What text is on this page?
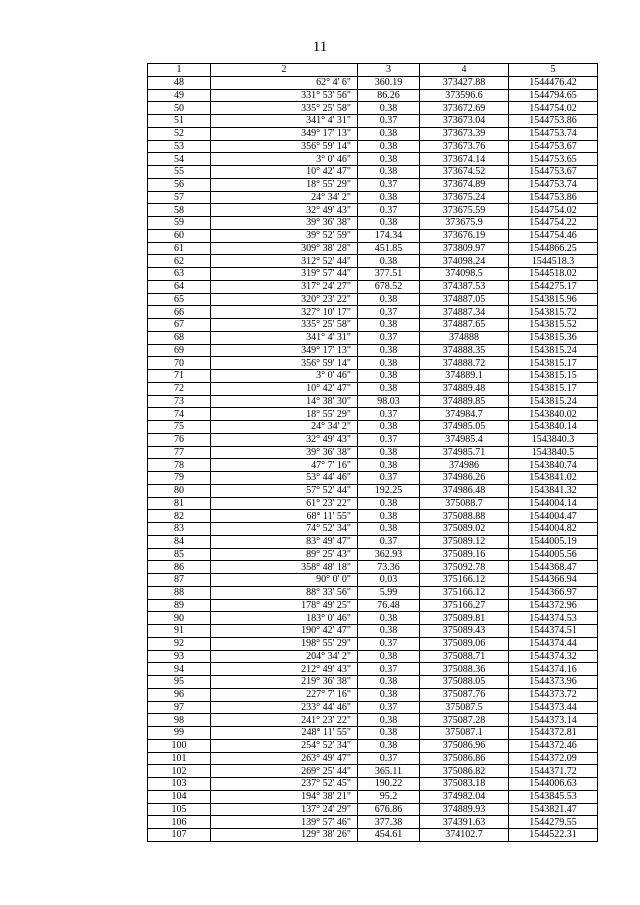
11
1	2	3	4	5
48	62° 4' 6"	360.19	373427.88	1544476.42
49	331° 53' 56"	86.26	373596.6	1544794.65
50	335° 25' 58"	0.38	373672.69	1544754.02
51	341° 4' 31"	0.37	373673.04	1544753.86
52	349° 17' 13"	0.38	373673.39	1544753.74
53	356° 59' 14"	0.38	373673.76	1544753.67
54	3° 0' 46"	0.38	373674.14	1544753.65
55	10° 42' 47"	0.38	373674.52	1544753.67
56	18° 55' 29"	0.37	373674.89	1544753.74
57	24° 34' 2"	0.38	373675.24	1544753.86
58	32° 49' 43"	0.37	373675.59	1544754.02
59	39° 36' 38"	0.38	373675.9	1544754.22
60	39° 52' 59"	174.34	373676.19	1544754.46
61	309° 38' 28"	451.85	373809.97	1544866.25
62	312° 52' 44"	0.38	374098.24	1544518.3
63	319° 57' 44"	377.51	374098.5	1544518.02
64	317° 24' 27"	678.52	374387.53	1544275.17
65	320° 23' 22"	0.38	374887.05	1543815.96
66	327° 10' 17"	0.37	374887.34	1543815.72
67	335° 25' 58"	0.38	374887.65	1543815.52
68	341° 4' 31"	0.37	374888	1543815.36
69	349° 17' 13"	0.38	374888.35	1543815.24
70	356° 59' 14"	0.38	374888.72	1543815.17
71	3° 0' 46"	0.38	374889.1	1543815.15
72	10° 42' 47"	0.38	374889.48	1543815.17
73	14° 38' 30"	98.03	374889.85	1543815.24
74	18° 55' 29"	0.37	374984.7	1543840.02
75	24° 34' 2"	0.38	374985.05	1543840.14
76	32° 49' 43"	0.37	374985.4	1543840.3
77	39° 36' 38"	0.38	374985.71	1543840.5
78	47° 7' 16"	0.38	374986	1543840.74
79	53° 44' 46"	0.37	374986.26	1543841.02
80	57° 52' 44"	192.25	374986.48	1543841.32
81	61° 23' 22"	0.38	375088.7	1544004.14
82	68° 11' 55"	0.38	375088.88	1544004.47
83	74° 52' 34"	0.38	375089.02	1544004.82
84	83° 49' 47"	0.37	375089.12	1544005.19
85	89° 25' 43"	362.93	375089.16	1544005.56
86	358° 48' 18"	73.36	375092.78	1544368.47
87	90° 0' 0"	0.03	375166.12	1544366.94
88	88° 33' 56"	5.99	375166.12	1544366.97
89	178° 49' 25"	76.48	375166.27	1544372.96
90	183° 0' 46"	0.38	375089.81	1544374.53
91	190° 42' 47"	0.38	375089.43	1544374.51
92	198° 55' 29"	0.37	375089.06	1544374.44
93	204° 34' 2"	0.38	375088.71	1544374.32
94	212° 49' 43"	0.37	375088.36	1544374.16
95	219° 36' 38"	0.38	375088.05	1544373.96
96	227° 7' 16"	0.38	375087.76	1544373.72
97	233° 44' 46"	0.37	375087.5	1544373.44
98	241° 23' 22"	0.38	375087.28	1544373.14
99	248° 11' 55"	0.38	375087.1	1544372.81
100	254° 52' 34"	0.38	375086.96	1544372.46
101	263° 49' 47"	0.37	375086.86	1544372.09
102	269° 25' 44"	365.11	375086.82	1544371.72
103	237° 52' 45"	190.22	375083.18	1544006.63
104	194° 38' 21"	95.2	374982.04	1543845.53
105	137° 24' 29"	676.86	374889.93	1543821.47
106	139° 57' 46"	377.38	374391.63	1544279.55
107	129° 38' 26"	454.61	374102.7	1544522.31
